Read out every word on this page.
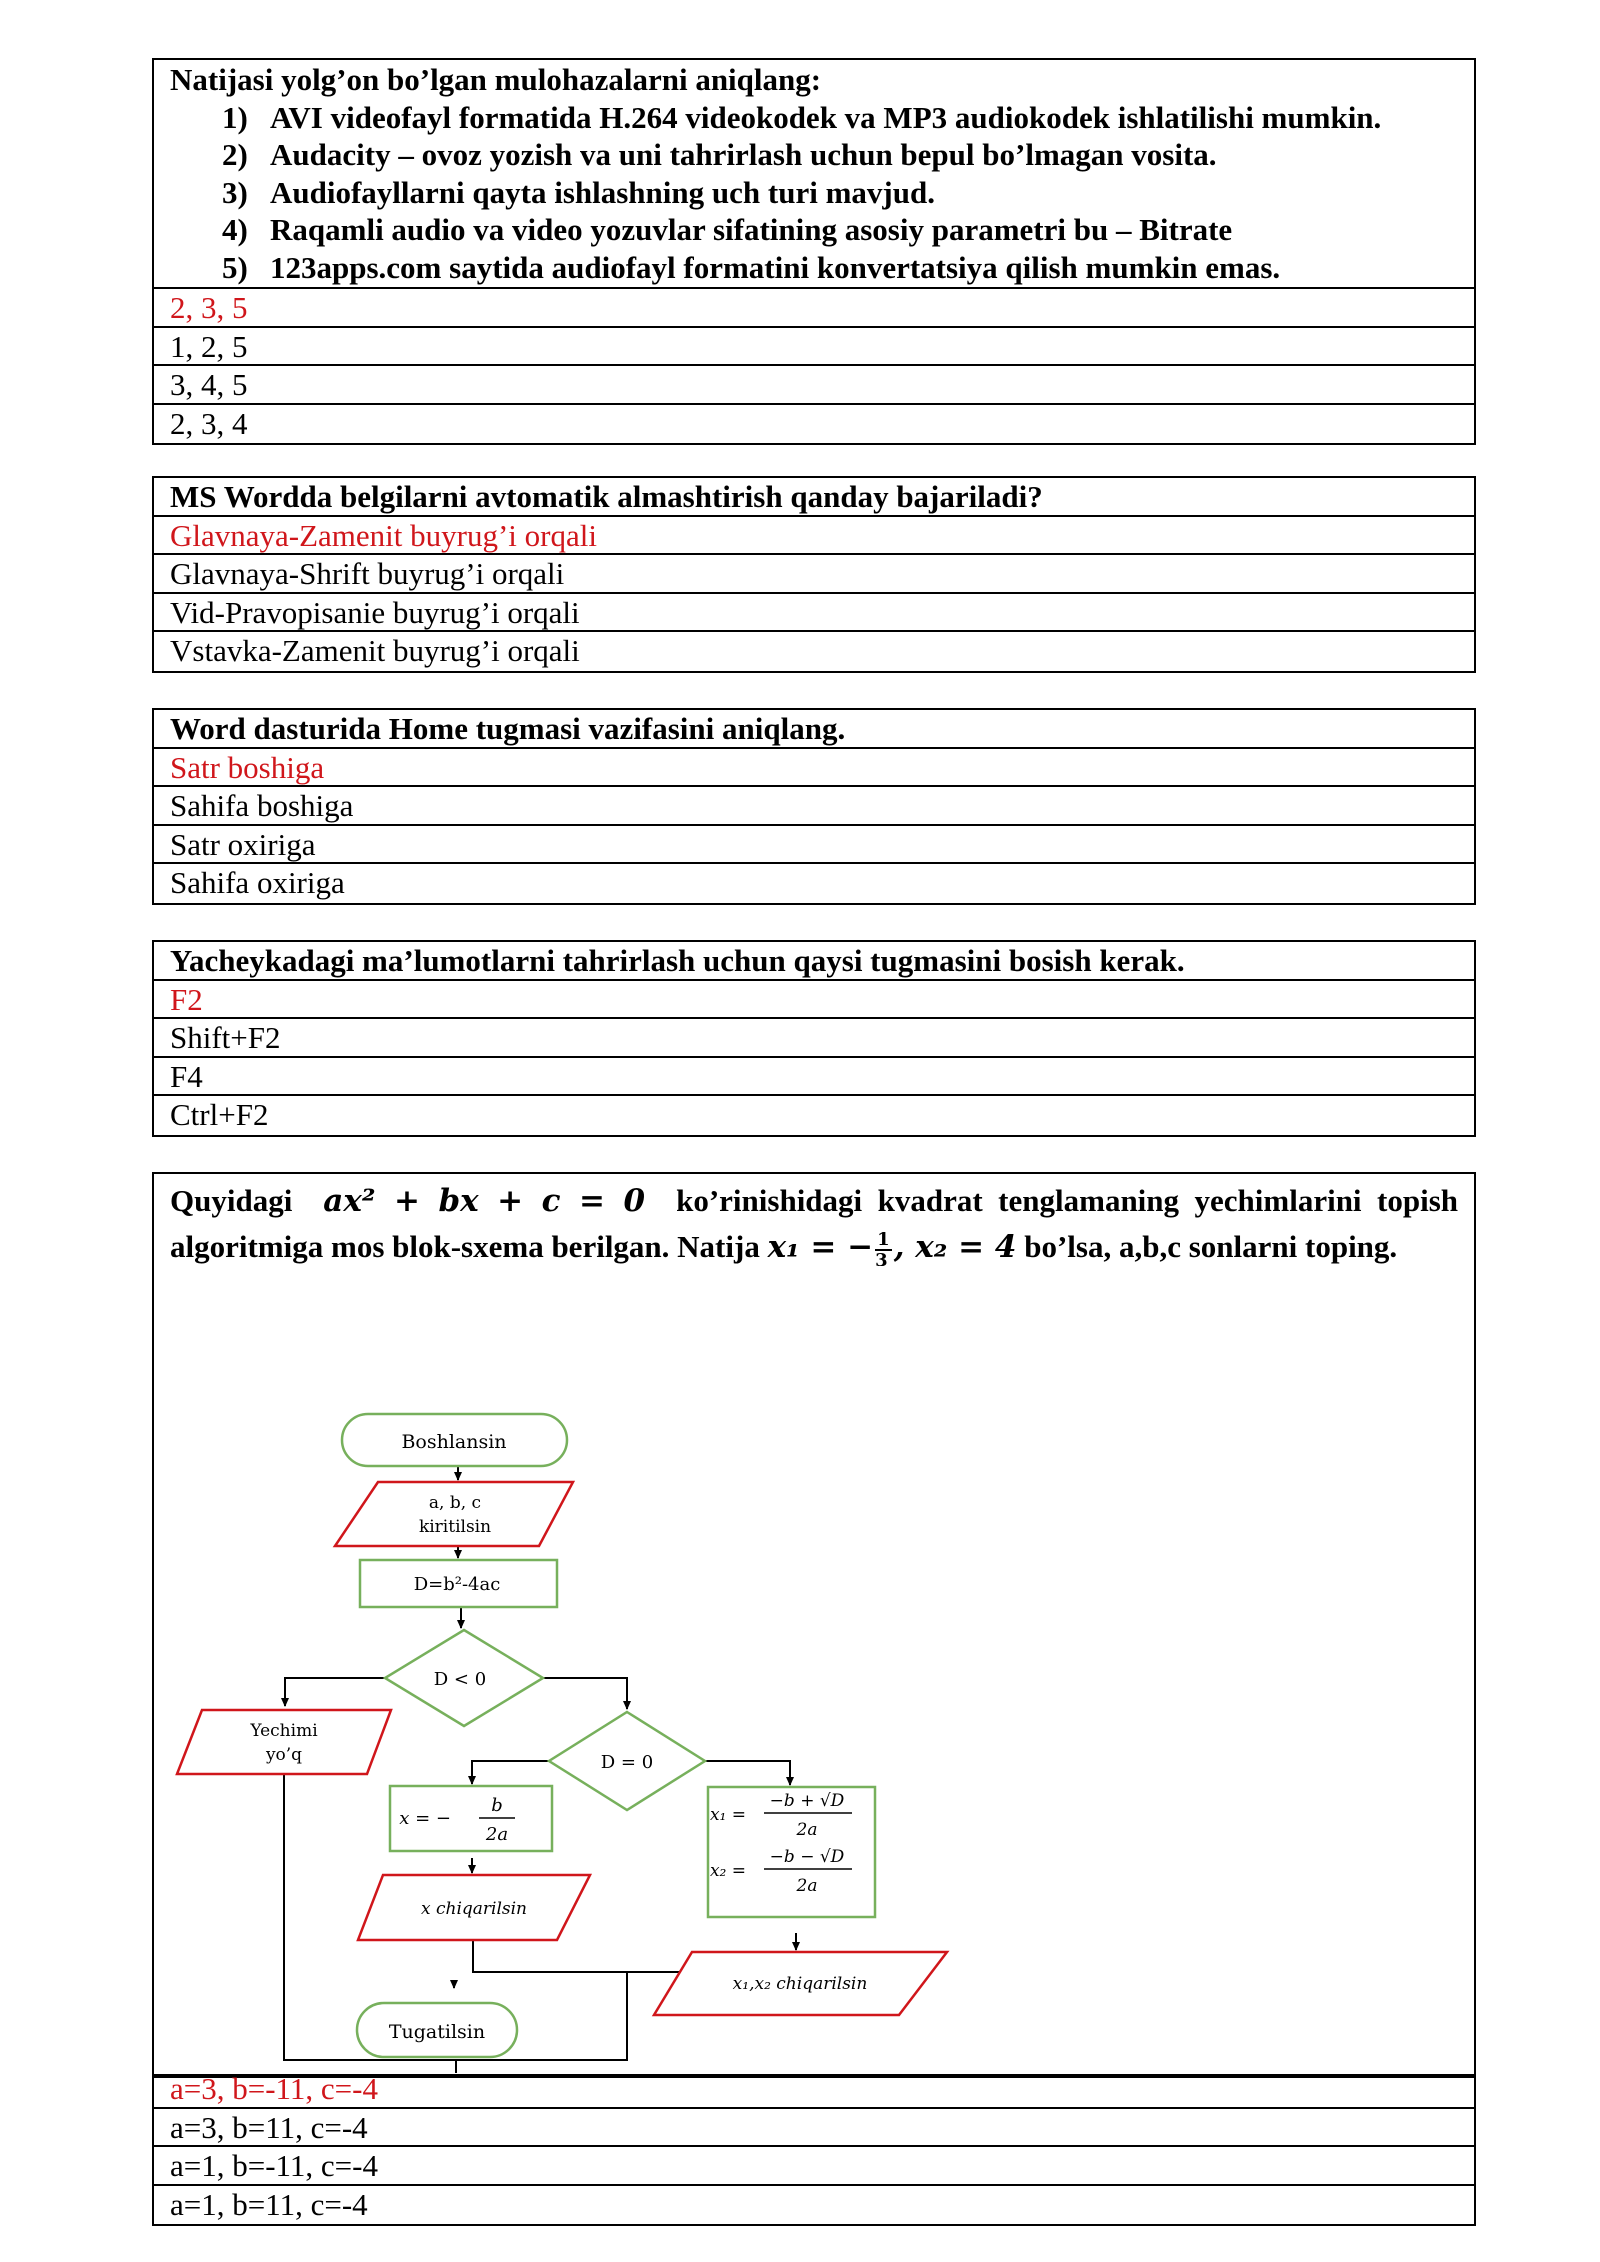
Natijasi yolg’on bo’lgan mulohazalarni aniqlang:
1) AVI videofayl formatida H.264 videokodek va MP3 audiokodek ishlatilishi mumkin.
2) Audacity – ovoz yozish va uni tahrirlash uchun bepul bo’lmagan vosita.
3) Audiofayllarni qayta ishlashning uch turi mavjud.
4) Raqamli audio va video yozuvlar sifatining asosiy parametri bu – Bitrate
5) 123apps.com saytida audiofayl formatini konvertatsiya qilish mumkin emas.
2, 3, 5
1, 2, 5
3, 4, 5
2, 3, 4
MS Wordda belgilarni avtomatik almashtirish qanday bajariladi?
Glavnaya-Zamenit buyrug’i orqali
Glavnaya-Shrift buyrug’i orqali
Vid-Pravopisanie buyrug’i orqali
Vstavka-Zamenit buyrug’i orqali
Word dasturida Home tugmasi vazifasini aniqlang.
Satr boshiga
Sahifa boshiga
Satr oxiriga
Sahifa oxiriga
Yacheykadagi ma’lumotlarni tahrirlash uchun qaysi tugmasini bosish kerak.
F2
Shift+F2
F4
Ctrl+F2
Quyidagi ax² + bx + c = 0 ko’rinishidagi kvadrat tenglamaning yechimlarini topish algoritmiga mos blok-sxema berilgan. Natija x₁ = − $\frac{1}{3}$ , x₂ = 4 bo’lsa, a,b,c sonlarni toping.
Boshlansin
a, b, c
kiritilsin
D=b²-4ac
D < 0
Yechimi
yo’q	D = 0
x = −
b
2a
x₁ =
−b + √D
2a
x₂ =
−b − √D
2a
x chiqarilsin
x₁,x₂ chiqarilsin
a=3, b=-11, c=-4
a=3, b=11, c=-4
a=1, b=-11, c=-4
a=1, b=11, c=-4
Tugatilsin
